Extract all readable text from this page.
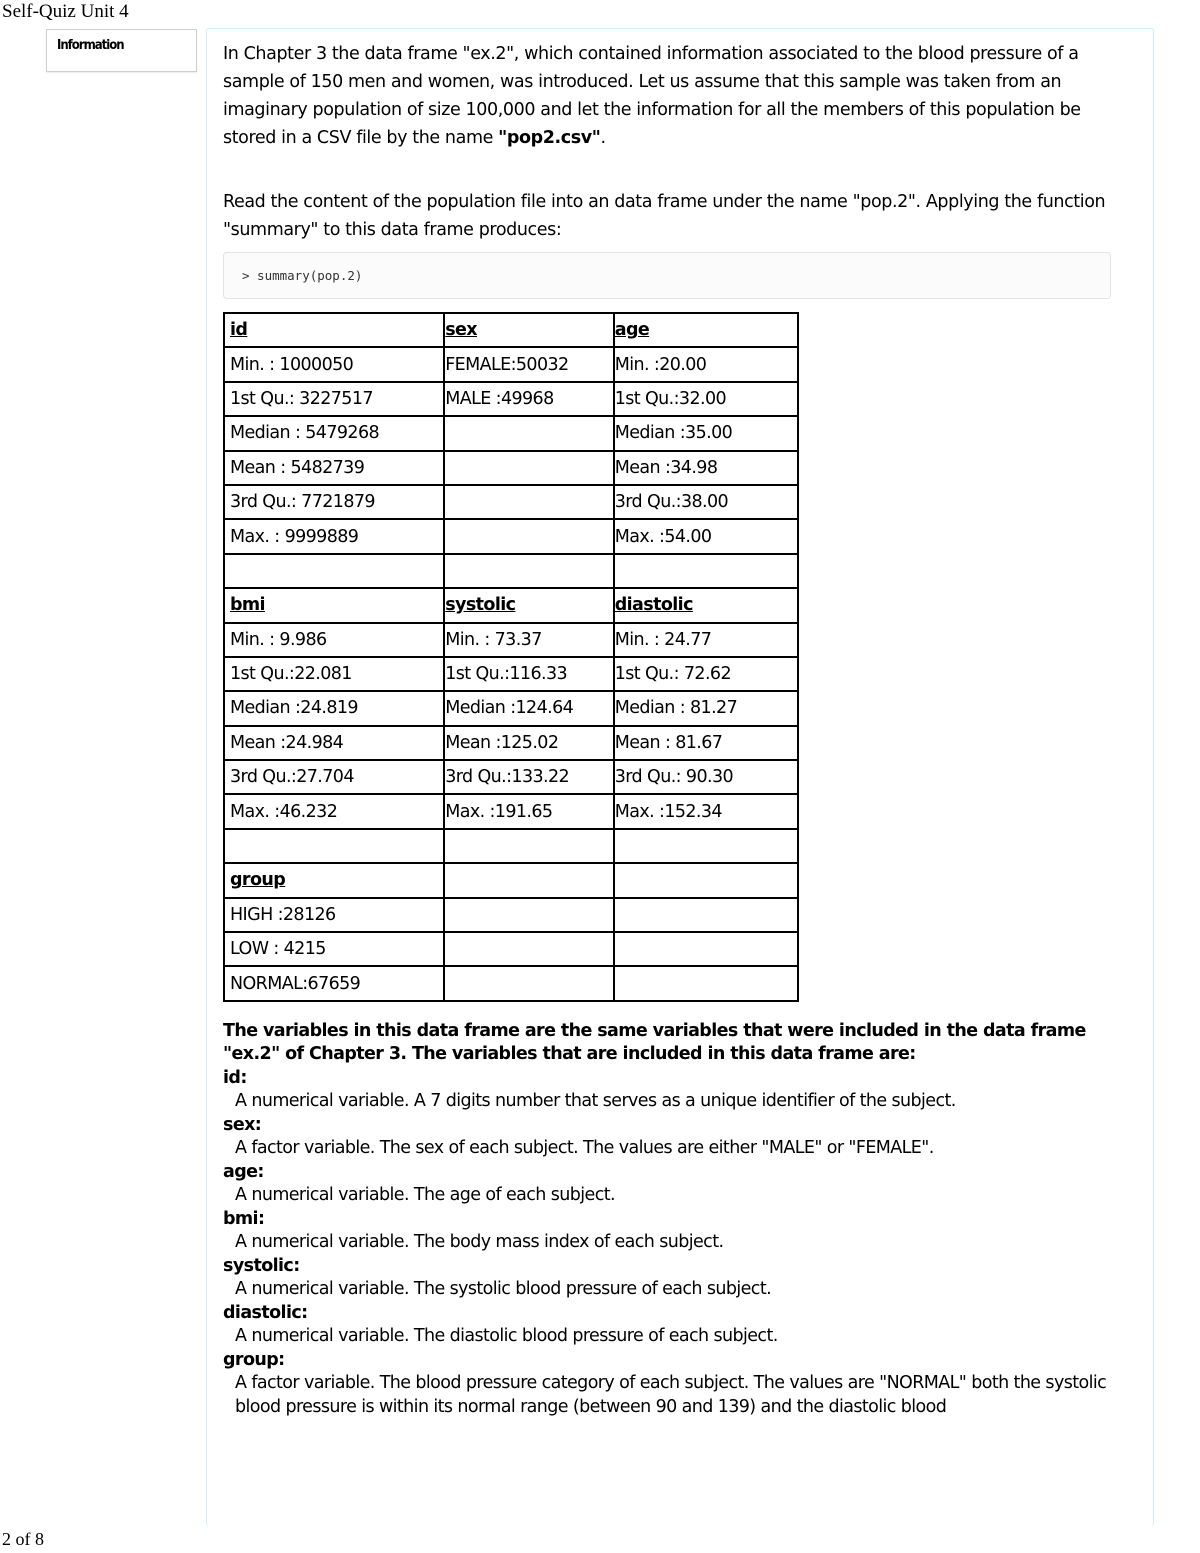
Self-Quiz Unit 4
Information	In Chapter 3 the data frame "ex.2", which contained information associated to the blood pressure of a sample of 150 men and women, was introduced. Let us assume that this sample was taken from an imaginary population of size 100,000 and let the information for all the members of this population be stored in a CSV file by the name "pop2.csv".

Read the content of the population file into an data frame under the name "pop.2". Applying the function "summary" to this data frame produces:

> summary(pop.2)
id	sex	age
Min. : 1000050	FEMALE:50032	Min. :20.00
1st Qu.: 3227517	MALE :49968	1st Qu.:32.00
Median : 5479268		Median :35.00
Mean : 5482739		Mean :34.98
3rd Qu.: 7721879		3rd Qu.:38.00
Max. : 9999889		Max. :54.00

bmi	systolic	diastolic
Min. : 9.986	Min. : 73.37	Min. : 24.77
1st Qu.:22.081	1st Qu.:116.33	1st Qu.: 72.62
Median :24.819	Median :124.64	Median : 81.27
Mean :24.984	Mean :125.02	Mean : 81.67
3rd Qu.:27.704	3rd Qu.:133.22	3rd Qu.: 90.30
Max. :46.232	Max. :191.65	Max. :152.34

group		
HIGH :28126		
LOW : 4215		
NORMAL:67659		
The variables in this data frame are the same variables that were included in the data frame "ex.2" of Chapter 3. The variables that are included in this data frame are:
id:
A numerical variable. A 7 digits number that serves as a unique identifier of the subject.
sex:
A factor variable. The sex of each subject. The values are either "MALE" or "FEMALE".
age:
A numerical variable. The age of each subject.
bmi:
A numerical variable. The body mass index of each subject.
systolic:
A numerical variable. The systolic blood pressure of each subject.
diastolic:
A numerical variable. The diastolic blood pressure of each subject.
group:
A factor variable. The blood pressure category of each subject. The values are "NORMAL" both the systolic blood pressure is within its normal range (between 90 and 139) and the diastolic blood
2 of 8
